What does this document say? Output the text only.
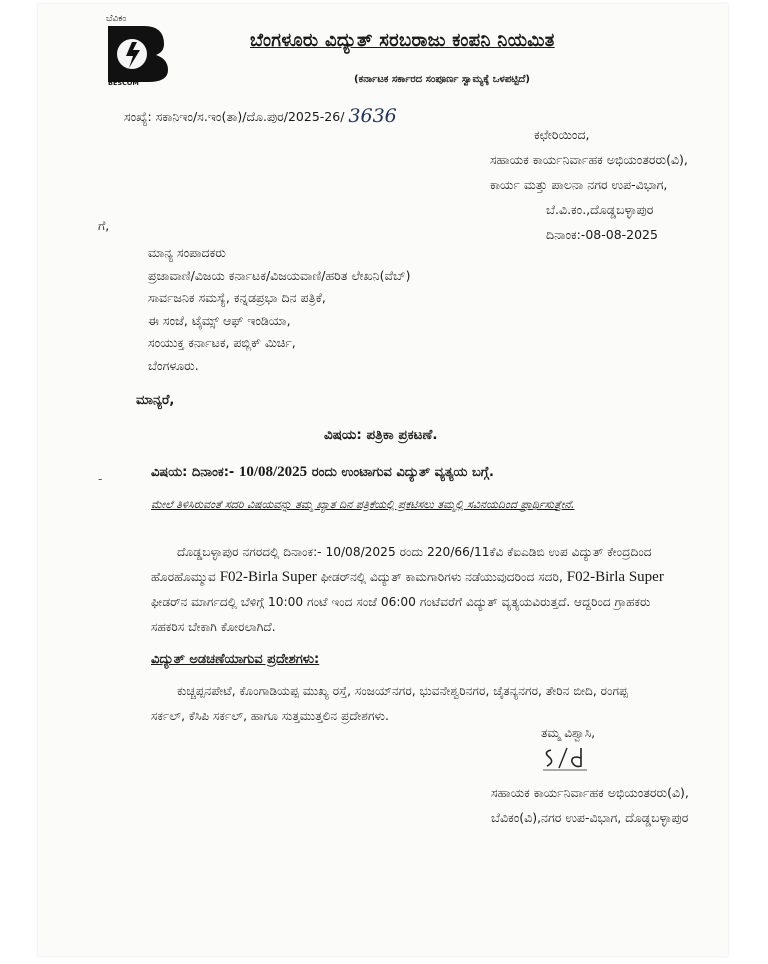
ಬೆವಿಕಂ
BESCOM
ಬೆಂಗಳೂರು ವಿದ್ಯುತ್ ಸರಬರಾಜು ಕಂಪನಿ ನಿಯಮಿತ
(ಕರ್ನಾಟಕ ಸರ್ಕಾರದ ಸಂಪೂರ್ಣ ಸ್ವಾಮ್ಯಕ್ಕೆ ಒಳಪಟ್ಟಿದೆ)
ಸಂಖ್ಯೆ: ಸಕಾನಿಇಂ/ಸ.ಇಂ(ತಾ)/ದೊ.ಪುರ/2025-26/ 3636
ಕಛೇರಿಯಿಂದ,
ಸಹಾಯಕ ಕಾರ್ಯನಿರ್ವಾಹಕ ಅಭಿಯಂತರರು(ವಿ),
ಕಾರ್ಯ ಮತ್ತು ಪಾಲನಾ ನಗರ ಉಪ-ವಿಭಾಗ,
ಬೆ.ವಿ.ಕಂ.,ದೊಡ್ಡಬಳ್ಳಾಪುರ
ದಿನಾಂಕ:-08-08-2025
ಗೆ,
ಮಾನ್ಯ ಸಂಪಾದಕರು
ಪ್ರಜಾವಾಣಿ/ವಿಜಯ ಕರ್ನಾಟಕ/ವಿಜಯವಾಣಿ/ಹರಿತ ಲೇಖನಿ(ವೆಬ್)
ಸಾರ್ವಜನಿಕ ಸಮಸ್ಯೆ, ಕನ್ನಡಪ್ರಭಾ ದಿನ ಪತ್ರಿಕೆ,
ಈ ಸಂಜೆ, ಟೈಮ್ಸ್ ಆಫ್ ಇಂಡಿಯಾ,
ಸಂಯುಕ್ತ ಕರ್ನಾಟಕ, ಪಬ್ಲಿಕ್ ಮಿರ್ಚಿ,
ಬೆಂಗಳೂರು.
ಮಾನ್ಯರೆ,
ವಿಷಯ: ಪತ್ರಿಕಾ ಪ್ರಕಟಣೆ.
-	ವಿಷಯ: ದಿನಾಂಕ:- 10/08/2025 ರಂದು ಉಂಟಾಗುವ ವಿದ್ಯುತ್ ವ್ಯತ್ಯಯ ಬಗ್ಗೆ.
ಮೇಲೆ ತಿಳಿಸಿರುವಂತೆ ಸದರಿ ವಿಷಯವನ್ನು ತಮ್ಮ ಖ್ಯಾತ ದಿನ ಪತ್ರಿಕೆಯಲ್ಲಿ ಪ್ರಕಟಿಸಲು ತಮ್ಮಲ್ಲಿ ಸವಿನಯದಿಂದ ಪ್ರಾರ್ಥಿಸುತ್ತೇನೆ.
ದೊಡ್ಡಬಳ್ಳಾಪುರ ನಗರದಲ್ಲಿ ದಿನಾಂಕ:- 10/08/2025 ರಂದು 220/66/11ಕೆವಿ ಕೆಐಎಡಿಬಿ ಉಪ ವಿದ್ಯುತ್ ಕೇಂದ್ರದಿಂದ
ಹೊರಹೊಮ್ಮುವ F02-Birla Super ಫೀಡರ್‌ನಲ್ಲಿ ವಿದ್ಯುತ್ ಕಾಮಗಾರಿಗಳು ನಡೆಯುವುದರಿಂದ ಸದರಿ, F02-Birla Super
ಫೀಡರ್‌ನ ಮಾರ್ಗದಲ್ಲಿ ಬೆಳಿಗ್ಗೆ 10:00 ಗಂಟೆ ಇಂದ ಸಂಜೆ 06:00 ಗಂಟೆವರೆಗೆ ವಿದ್ಯುತ್ ವ್ಯತ್ಯಯವಿರುತ್ತದೆ. ಆದ್ದರಿಂದ ಗ್ರಾಹಕರು
ಸಹಕರಿಸ ಬೇಕಾಗಿ ಕೋರಲಾಗಿದೆ.
ವಿದ್ಯುತ್ ಅಡಚಣೆಯಾಗುವ ಪ್ರದೇಶಗಳು:
ಕುಚ್ಚಪ್ಪನಪೇಟೆ, ಕೊಂಗಾಡಿಯಪ್ಪ ಮುಖ್ಯ ರಸ್ತೆ, ಸಂಜಯ್‌ನಗರ, ಭುವನೇಶ್ವರಿನಗರ, ಚೈತನ್ಯನಗರ, ತೇರಿನ ಬೀದಿ, ರಂಗಪ್ಪ
ಸರ್ಕಲ್, ಕೆಸಿಪಿ ಸರ್ಕಲ್, ಹಾಗೂ ಸುತ್ತಮುತ್ತಲಿನ ಪ್ರದೇಶಗಳು.
ತಮ್ಮ ವಿಶ್ವಾಸಿ,
ಸಹಾಯಕ ಕಾರ್ಯನಿರ್ವಾಹಕ ಅಭಿಯಂತರರು(ವಿ),
ಬೆವಿಕಂ(ವಿ),ನಗರ ಉಪ-ವಿಭಾಗ, ದೊಡ್ಡಬಳ್ಳಾಪುರ
